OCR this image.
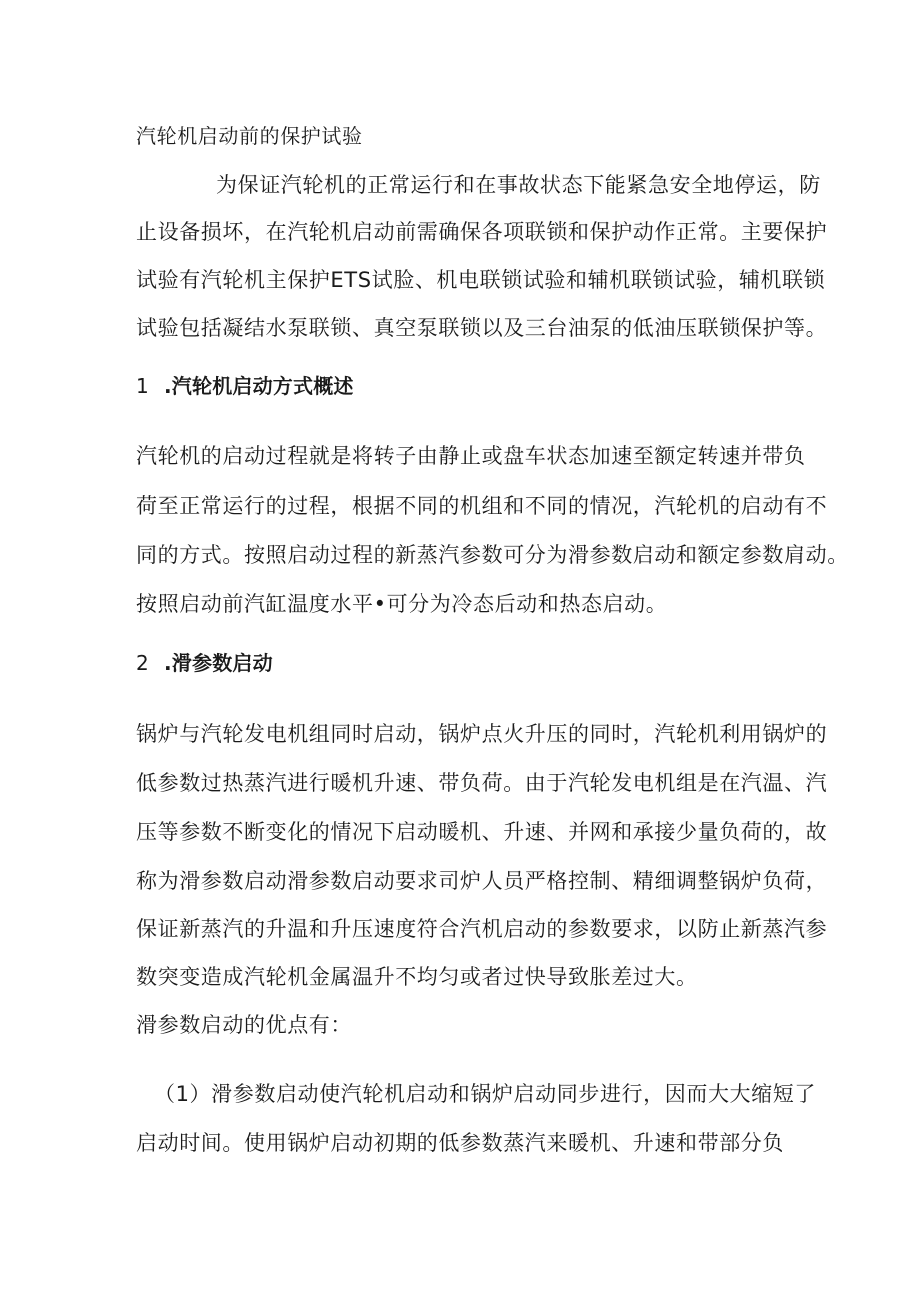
汽轮机启动前的保护试验
为保证汽轮机的正常运行和在事故状态下能紧急安全地停运，防
止设备损坏，在汽轮机启动前需确保各项联锁和保护动作正常。主要保护
试验有汽轮机主保护ETS试脸、机电联锁试验和辅机联锁试验，辅机联锁
试验包括凝结水泵联锁、真空泵联锁以及三台油泵的低油压联锁保护等。
1 .汽轮机启动方式概述
汽轮机的启动过程就是将转子由静止或盘车状态加速至额定转速并带负
荷至正常运行的过程，根据不同的机组和不同的情况，汽轮机的启动有不
同的方式。按照启动过程的新蒸汽参数可分为滑参数启动和额定参数肩动。
按照启动前汽缸温度水平•可分为冷态后动和热态启动。
2 .滑参数启动
锅炉与汽轮发电机组同时启动，锅炉点火升压的同时，汽轮机利用锅炉的
低参数过热蒸汽进行暖机升速、带负荷。由于汽轮发电机组是在汽温、汽
压等参数不断变化的情况下启动暖机、升速、并网和承接少量负荷的，故
称为滑参数启动滑参数启动要求司炉人员严格控制、精细调整锅炉负荷，
保证新蒸汽的升温和升压速度符合汽机启动的参数要求，以防止新蒸汽参
数突变造成汽轮机金属温升不均匀或者过快导致胀差过大。
滑参数启动的优点有：
（1）滑参数启动使汽轮机启动和锅炉启动同步进行，因而大大缩短了
启动时间。使用锅炉启动初期的低参数蒸汽来暖机、升速和带部分负
